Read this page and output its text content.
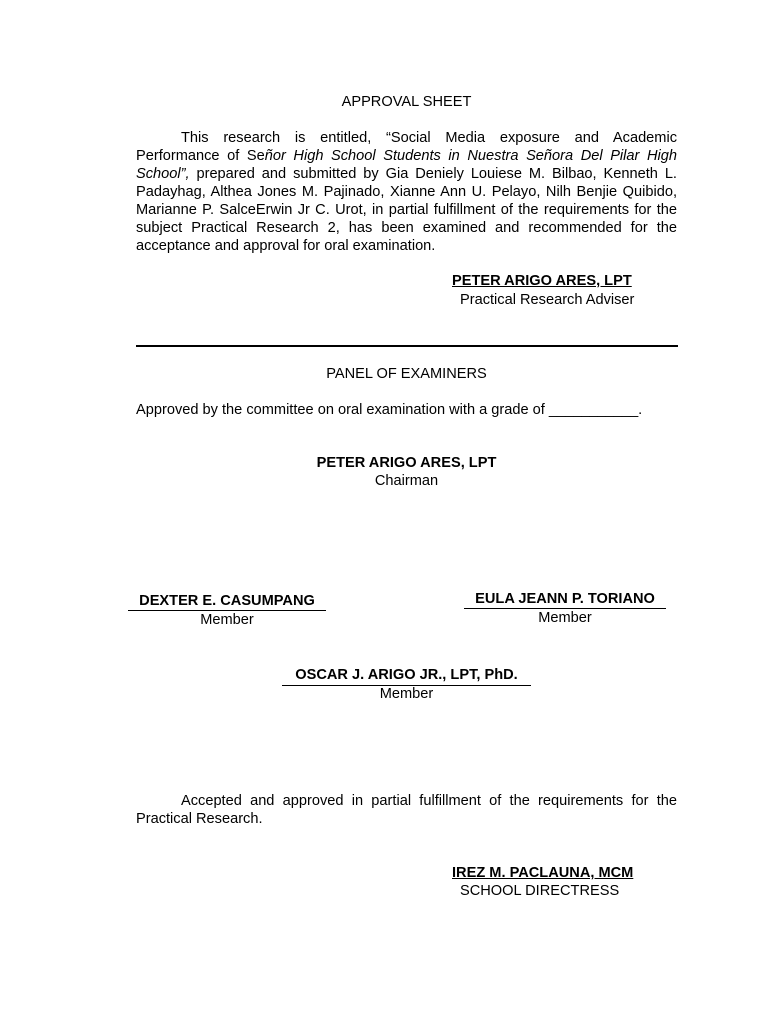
APPROVAL SHEET
This research is entitled, “Social Media exposure and Academic Performance of Señor High School Students in Nuestra Señora Del Pilar High School”, prepared and submitted by Gia Deniely Louiese M. Bilbao, Kenneth L. Padayhag, Althea Jones M. Pajinado, Xianne Ann U. Pelayo, Nilh Benjie Quibido, Marianne P. SalceErwin Jr C. Urot, in partial fulfillment of the requirements for the subject Practical Research 2, has been examined and recommended for the acceptance and approval for oral examination.
PETER ARIGO ARES, LPT
Practical Research Adviser
PANEL OF EXAMINERS
Approved by the committee on oral examination with a grade of ___________.
PETER ARIGO ARES, LPT
Chairman
DEXTER E. CASUMPANG
Member
EULA JEANN P. TORIANO
Member
OSCAR J. ARIGO JR., LPT, PhD.
Member
Accepted and approved in partial fulfillment of the requirements for the Practical Research.
IREZ M. PACLAUNA, MCM
SCHOOL DIRECTRESS
